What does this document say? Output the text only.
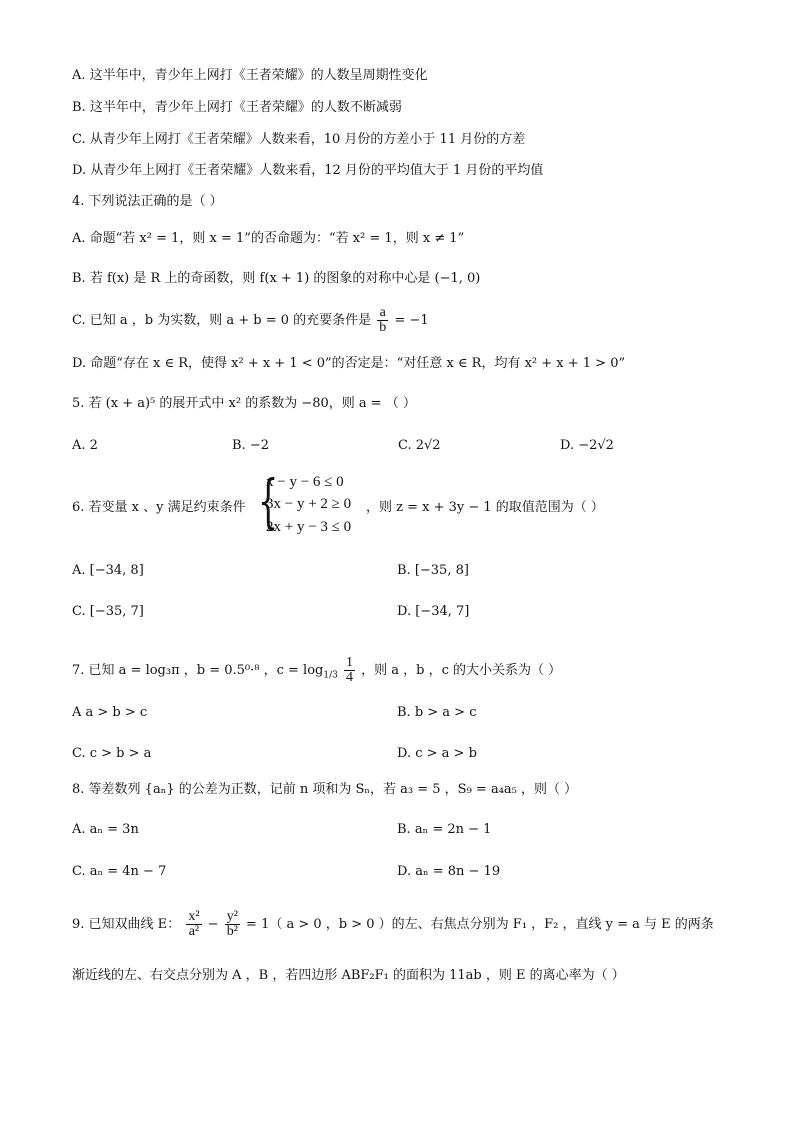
A. 这半年中，青少年上网打《王者荣耀》的人数呈周期性变化
B. 这半年中，青少年上网打《王者荣耀》的人数不断减弱
C. 从青少年上网打《王者荣耀》人数来看，10 月份的方差小于 11 月份的方差
D. 从青少年上网打《王者荣耀》人数来看，12 月份的平均值大于 1 月份的平均值
4. 下列说法正确的是（ ）
A. 命题“若 x² = 1，则 x = 1”的否命题为：“若 x² = 1，则 x ≠ 1”
B. 若 f(x) 是 R 上的奇函数，则 f(x + 1) 的图象的对称中心是 (−1, 0)
C. 已知 a ，b 为实数，则 a + b = 0 的充要条件是 $\frac{a}{b} = -1$
D. 命题“存在 x ∈ R，使得 x² + x + 1 < 0”的否定是：“对任意 x ∈ R，均有 x² + x + 1 > 0”
5. 若 (x + a)⁵ 的展开式中 x² 的系数为 −80，则 a = （ ）
A. 2	B. −2	C. 2√2	D. −2√2
6. 若变量 x 、y 满足约束条件 {
x − y − 6 ≤ 0
3x − y + 2 ≥ 0
2x + y − 3 ≤ 0
，则 z = x + 3y − 1 的取值范围为（ ）
A. [−34, 8]	B. [−35, 8]
C. [−35, 7]	D. [−34, 7]
7. 已知 a = log₃π ，b = 0.5⁰·⁸ ，$c = \log_{1/3} \frac{1}{4}$ ，则 a ，b ，c 的大小关系为（ ）
A a > b > c	B. b > a > c
C. c > b > a	D. c > a > b
8. 等差数列 {aₙ} 的公差为正数，记前 n 项和为 Sₙ，若 a₃ = 5 ，S₉ = a₄a₅ ，则（ ）
A. aₙ = 3n	B. aₙ = 2n − 1
C. aₙ = 4n − 7	D. aₙ = 8n − 19
9. 已知双曲线 E： $\frac{\text{x²}}{\text{a²}} - \frac{\text{y²}}{\text{b²}} = 1$（ a > 0 ，b > 0 ）的左、右焦点分别为 F₁ ，F₂ ，直线 y = a 与 E 的两条
渐近线的左、右交点分别为 A ，B ，若四边形 ABF₂F₁ 的面积为 11ab ，则 E 的离心率为（ ）
